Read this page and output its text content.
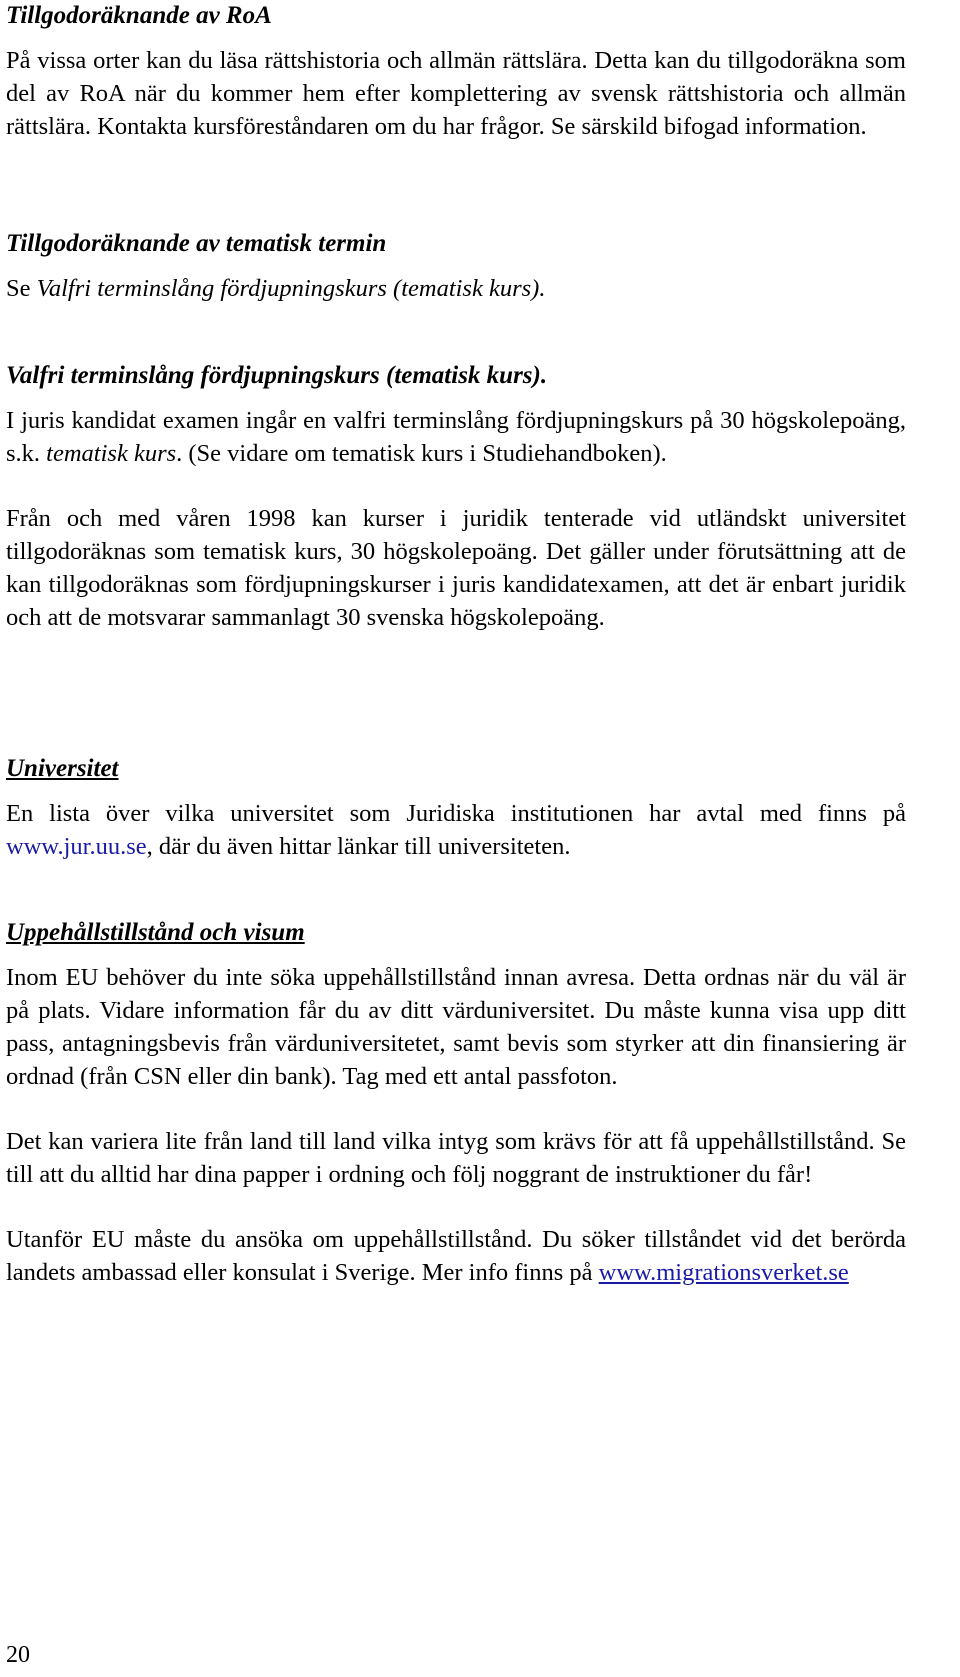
Tillgodoräknande av RoA

På vissa orter kan du läsa rättshistoria och allmän rättslära. Detta kan du tillgodoräkna som del av RoA när du kommer hem efter komplettering av svensk rättshistoria och allmän rättslära. Kontakta kursföreståndaren om du har frågor. Se särskild bifogad information.

Tillgodoräknande av tematisk termin

Se Valfri terminslång fördjupningskurs (tematisk kurs).

Valfri terminslång fördjupningskurs (tematisk kurs).

I juris kandidat examen ingår en valfri terminslång fördjupningskurs på 30 högskolepoäng, s.k. tematisk kurs. (Se vidare om tematisk kurs i Studiehandboken).

Från och med våren 1998 kan kurser i juridik tenterade vid utländskt universitet tillgodoräknas som tematisk kurs, 30 högskolepoäng. Det gäller under förutsättning att de kan tillgodoräknas som fördjupningskurser i juris kandidatexamen, att det är enbart juridik och att de motsvarar sammanlagt 30 svenska högskolepoäng.

Universitet

En lista över vilka universitet som Juridiska institutionen har avtal med finns på www.jur.uu.se, där du även hittar länkar till universiteten.

Uppehållstillstånd och visum

Inom EU behöver du inte söka uppehållstillstånd innan avresa. Detta ordnas när du väl är på plats. Vidare information får du av ditt värduniversitet. Du måste kunna visa upp ditt pass, antagningsbevis från värduniversitetet, samt bevis som styrker att din finansiering är ordnad (från CSN eller din bank). Tag med ett antal passfoton.

Det kan variera lite från land till land vilka intyg som krävs för att få uppehållstillstånd. Se till att du alltid har dina papper i ordning och följ noggrant de instruktioner du får!

Utanför EU måste du ansöka om uppehållstillstånd. Du söker tillståndet vid det berörda landets ambassad eller konsulat i Sverige. Mer info finns på www.migrationsverket.se

20
